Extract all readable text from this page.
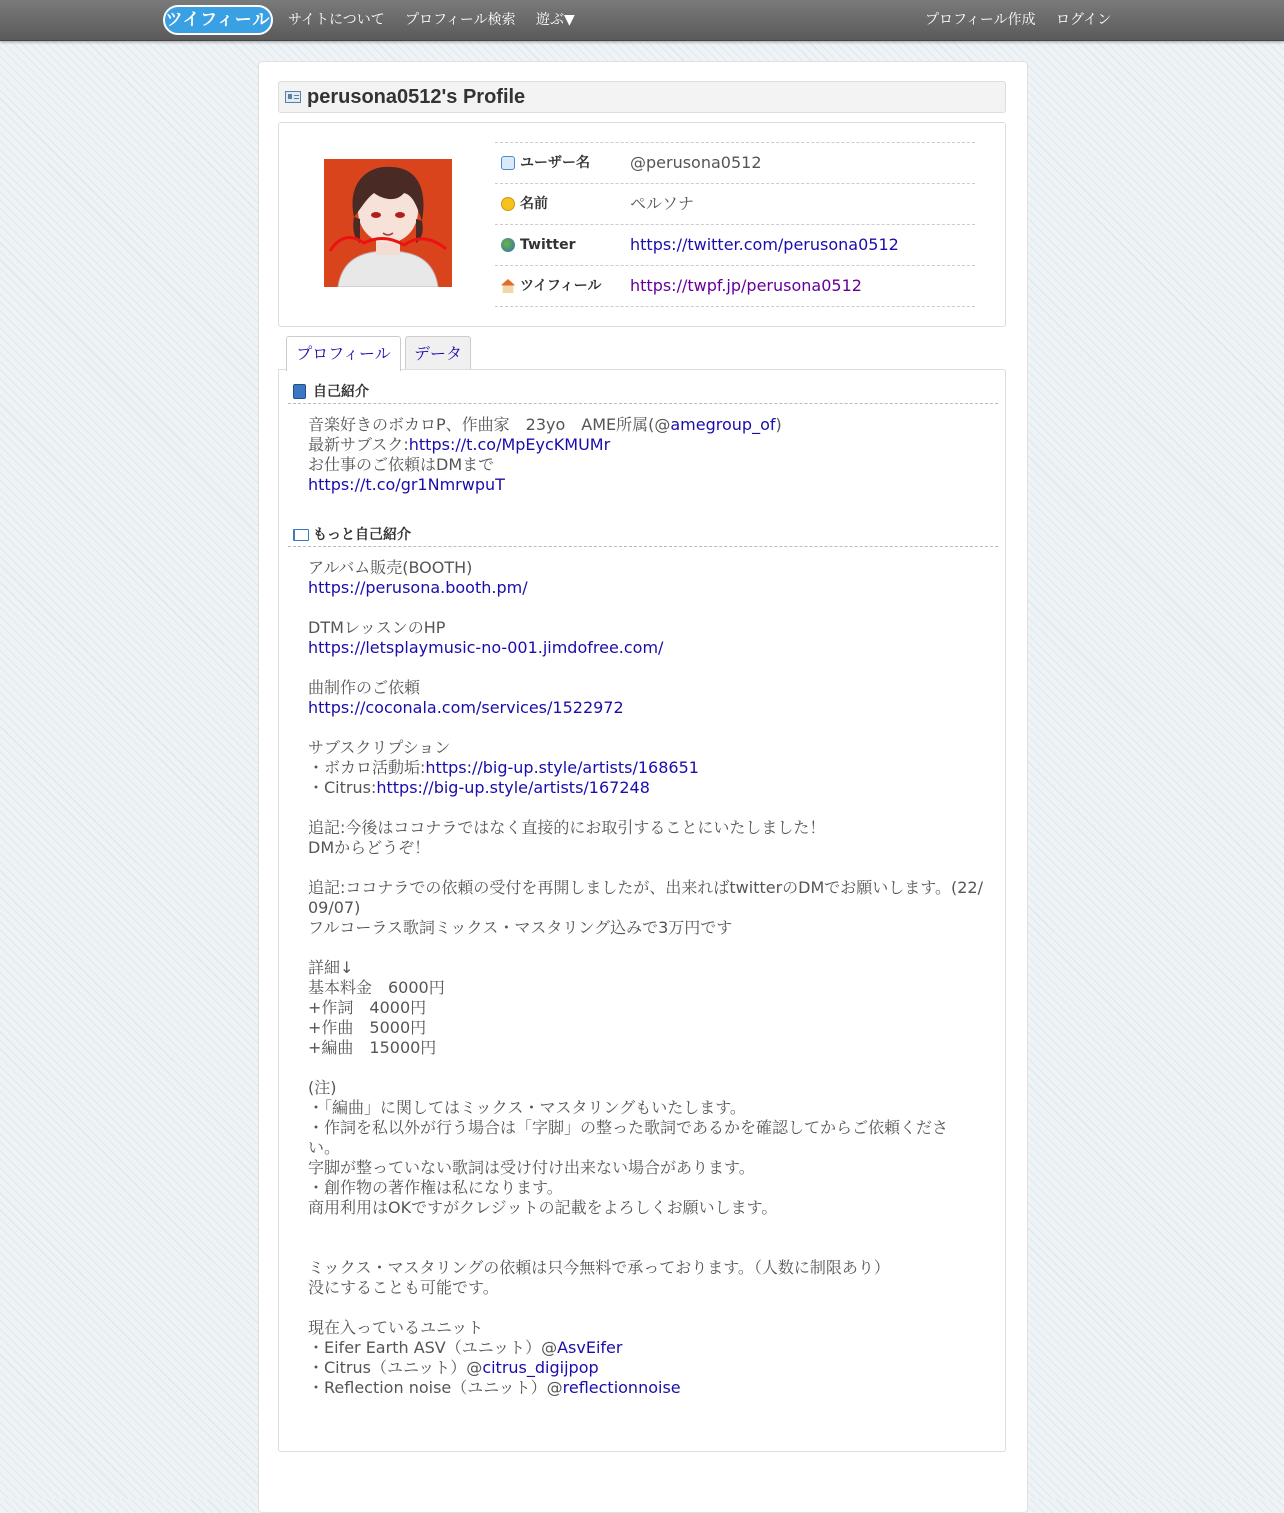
ツイフィール サイトについて プロフィール検索 遊ぶ▼	プロフィール作成 ログイン
perusona0512's Profile
ユーザー名	@perusona0512
名前	ペルソナ
Twitter	https://twitter.com/perusona0512
ツイフィール https://twpf.jp/perusona0512
プロフィール	データ
自己紹介
音楽好きのボカロP、作曲家　23yo　AME所属(@amegroup_of)
最新サブスク:https://t.co/MpEycKMUMr
お仕事のご依頼はDMまで
https://t.co/gr1NmrwpuT
もっと自己紹介
アルバム販売(BOOTH)
https://perusona.booth.pm/
DTMレッスンのHP
https://letsplaymusic-no-001.jimdofree.com/
曲制作のご依頼
https://coconala.com/services/1522972
サブスクリプション
・ボカロ活動垢:https://big-up.style/artists/168651
・Citrus:https://big-up.style/artists/167248
追記:今後はココナラではなく直接的にお取引することにいたしました！
DMからどうぞ！
追記:ココナラでの依頼の受付を再開しましたが、出来ればtwitterのDMでお願いします。(22/
09/07)
フルコーラス歌詞ミックス・マスタリング込みで3万円です
詳細↓
基本料金　6000円
+作詞　4000円
+作曲　5000円
+編曲　15000円
(注)
・「編曲」に関してはミックス・マスタリングもいたします。
・作詞を私以外が行う場合は「字脚」の整った歌詞であるかを確認してからご依頼くださ
い。
字脚が整っていない歌詞は受け付け出来ない場合があります。
・創作物の著作権は私になります。
商用利用はOKですがクレジットの記載をよろしくお願いします。
ミックス・マスタリングの依頼は只今無料で承っております。（人数に制限あり）
没にすることも可能です。
現在入っているユニット
・Eifer Earth ASV（ユニット）@AsvEifer
・Citrus（ユニット）@citrus_digijpop
・Reflection noise（ユニット）@reflectionnoise
